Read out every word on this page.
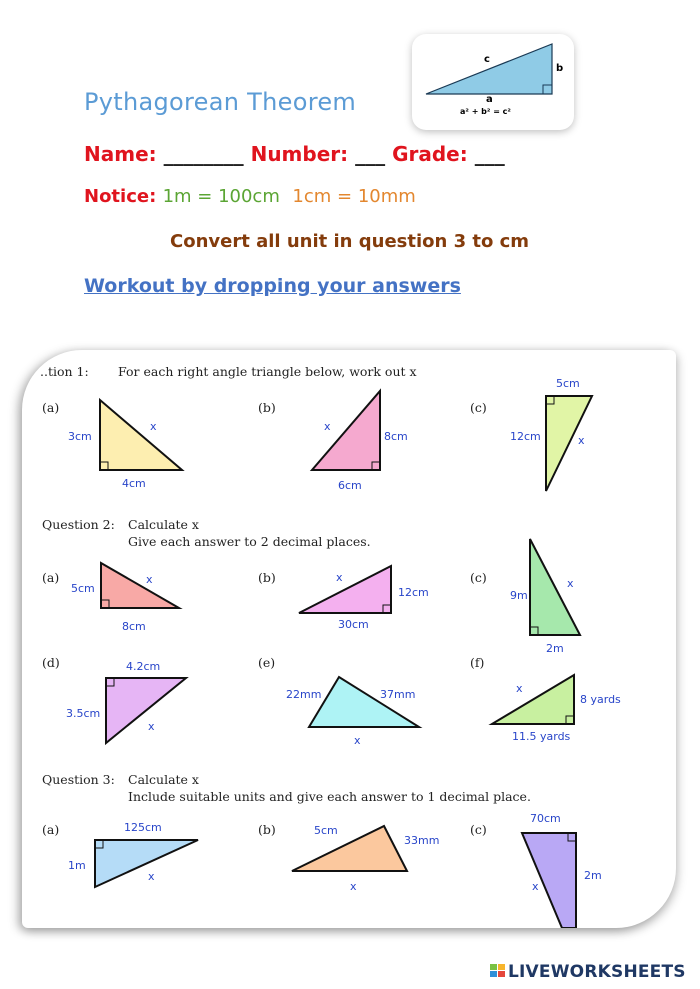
Pythagorean Theorem
Name: ________ Number: ___ Grade: ___
Notice: 1m = 100cm 1cm = 10mm
Convert all unit in question 3 to cm
Workout by dropping your answers
c
b
a
a² + b² = c²
..tion 1: For each right angle triangle below, work out x
(a)
3cm
4cm
x
(b)
x
8cm
6cm
(c)
5cm
12cm	x
Question 2: Calculate x
Give each answer to 2 decimal places.
(a)
5cm
x
8cm
(b)	x
12cm
30cm
(c)
9m
x
2m
(d)	4.2cm
3.5cm
x
(e)
22mm	37mm
x
(f)
x
8 yards
11.5 yards
Question 3: Calculate x
Include suitable units and give each answer to 1 decimal place.
(a)	125cm
1m
x
(b)	5cm
33mm
x
(c)
70cm
2m
x
LIVEWORKSHEETS
